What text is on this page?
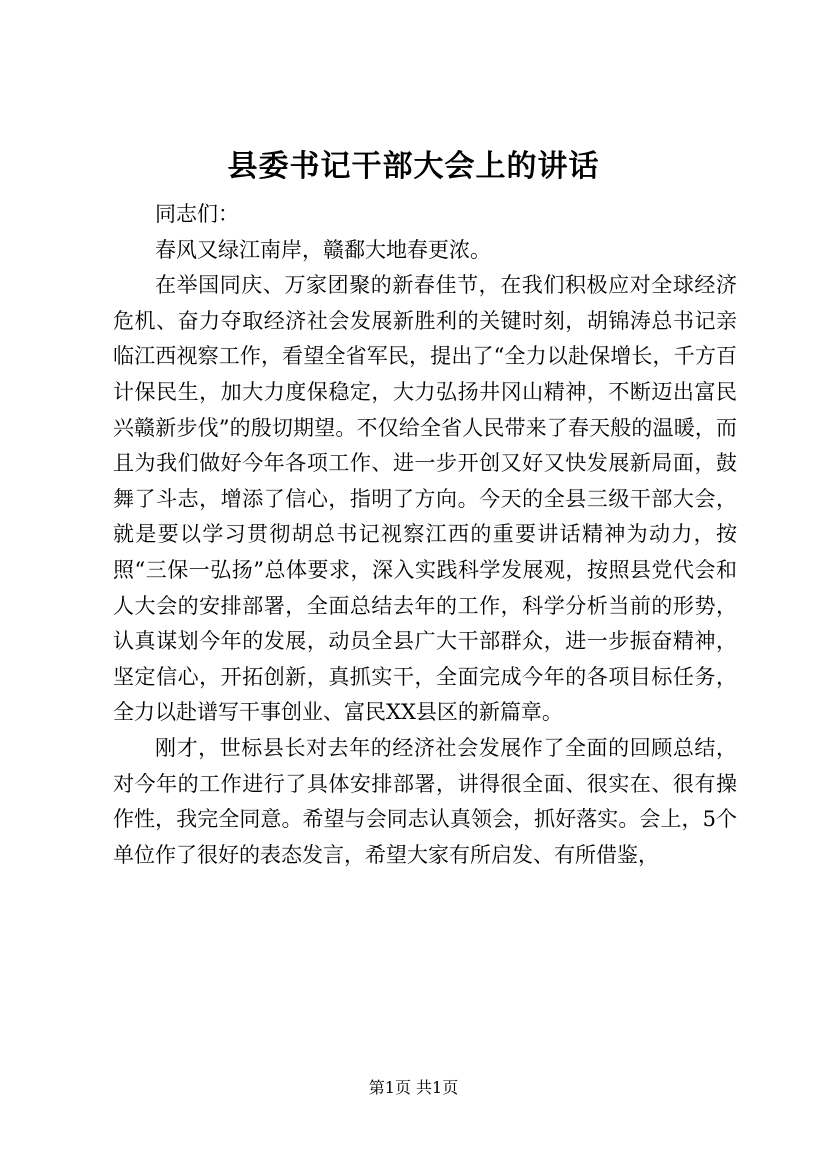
县委书记干部大会上的讲话

同志们：

春风又绿江南岸，赣鄱大地春更浓。

在举国同庆、万家团聚的新春佳节，在我们积极应对全球经济危机、奋力夺取经济社会发展新胜利的关键时刻，胡锦涛总书记亲临江西视察工作，看望全省军民，提出了“全力以赴保增长，千方百计保民生，加大力度保稳定，大力弘扬井冈山精神，不断迈出富民兴赣新步伐”的殷切期望。不仅给全省人民带来了春天般的温暖，而且为我们做好今年各项工作、进一步开创又好又快发展新局面，鼓舞了斗志，增添了信心，指明了方向。今天的全县三级干部大会，就是要以学习贯彻胡总书记视察江西的重要讲话精神为动力，按照“三保一弘扬”总体要求，深入实践科学发展观，按照县党代会和人大会的安排部署，全面总结去年的工作，科学分析当前的形势，认真谋划今年的发展，动员全县广大干部群众，进一步振奋精神，坚定信心，开拓创新，真抓实干，全面完成今年的各项目标任务，全力以赴谱写干事创业、富民XX县区的新篇章。

刚才，世标县长对去年的经济社会发展作了全面的回顾总结，对今年的工作进行了具体安排部署，讲得很全面、很实在、很有操作性，我完全同意。希望与会同志认真领会，抓好落实。会上，5个单位作了很好的表态发言，希望大家有所启发、有所借鉴，

第1页 共1页
